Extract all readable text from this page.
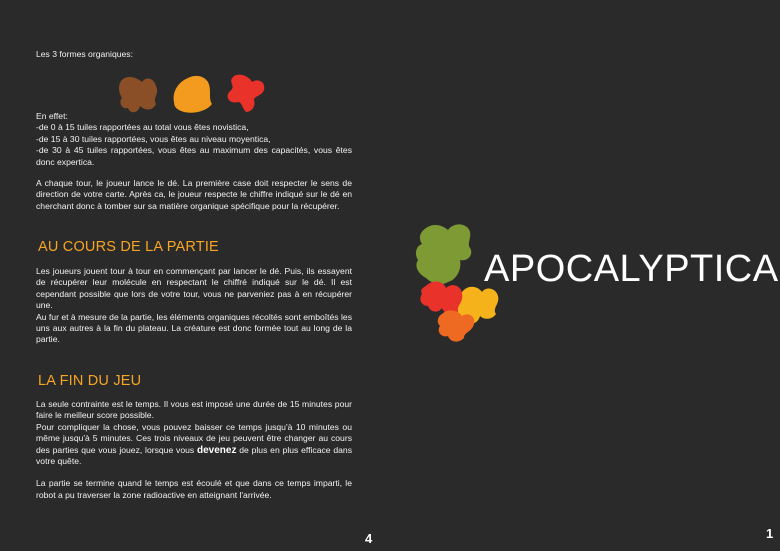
Les 3 formes organiques:

En effet:

-de 0 à 15 tuiles rapportées au total vous êtes novistica,

-de 15 à 30 tuiles rapportées, vous êtes au niveau moyentica,

-de 30 à 45 tuiles rapportées, vous êtes au maximum des capacités, vous êtes donc expertica.

A chaque tour, le joueur lance le dé. La première case doit respecter le sens de direction de votre carte. Après ca, le joueur respecte le chiffre indiqué sur le dé en cherchant donc à tomber sur sa matière organique spécifique pour la récupérer.

AU COURS DE LA PARTIE

Les joueurs jouent tour à tour en commençant par lancer le dé. Puis, ils essayent de récupérer leur molécule en respectant le chiffré indiqué sur le dé. Il est cependant possible que lors de votre tour, vous ne parveniez pas à en récupérer une.

Au fur et à mesure de la partie, les éléments organiques récoltés sont emboîtés les uns aux autres à la fin du plateau. La créature est donc formée tout au long de la partie.

LA FIN DU JEU

La seule contrainte est le temps. Il vous est imposé une durée de 15 minutes pour faire le meilleur score possible.

Pour compliquer la chose, vous pouvez baisser ce temps jusqu'à 10 minutes ou même jusqu'à 5 minutes. Ces trois niveaux de jeu peuvent être changer au cours des parties que vous jouez, lorsque vous devenez de plus en plus efficace dans votre quête.

La partie se termine quand le temps est écoulé et que dans ce temps imparti, le robot a pu traverser la zone radioactive en atteignant l'arrivée.

4
APOCALYPTICA
1
